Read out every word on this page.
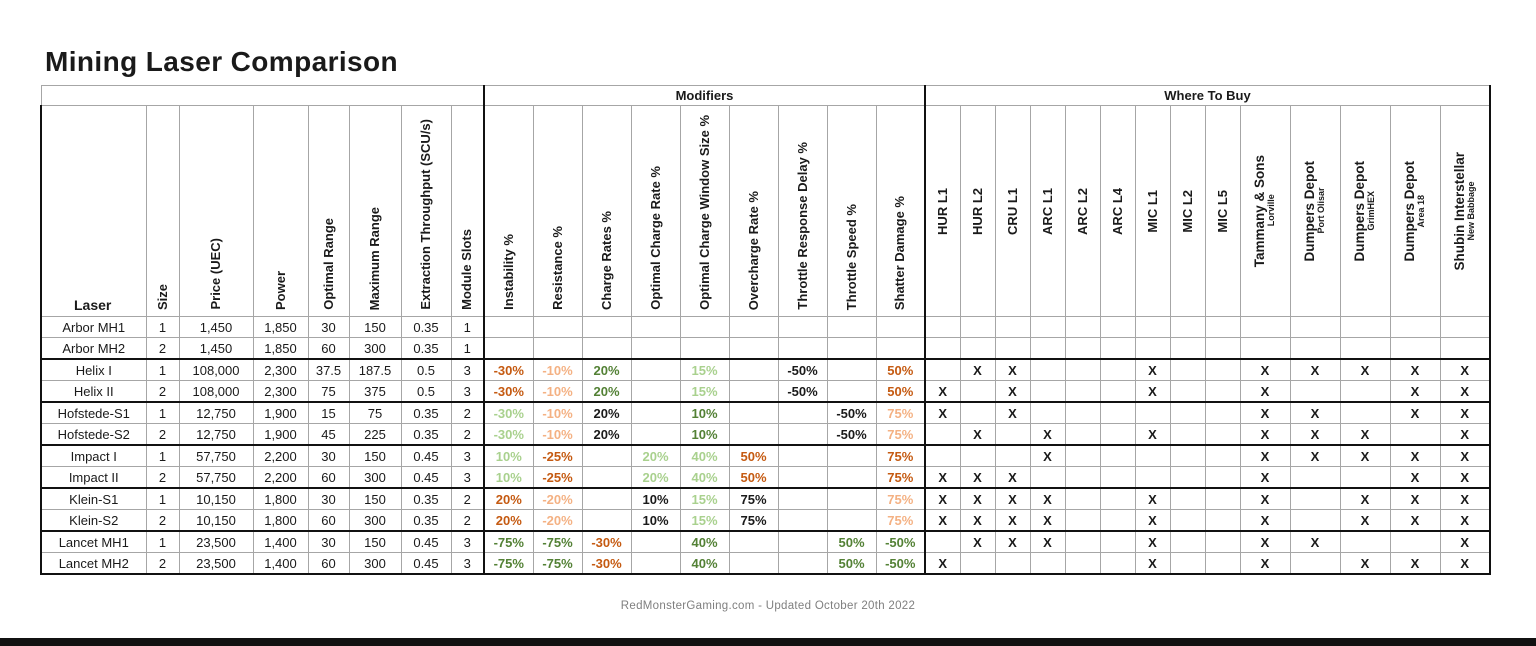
Mining Laser Comparison
								Modifiers									Where To Buy													

Laser	Size	Price (UEC)	Power	Optimal Range	Maximum Range	Extraction Throughput (SCU/s)	Module Slots	Instability %	Resistance %	Charge Rates %	Optimal Charge Rate %	Optimal Charge Window Size %	Overcharge Rate %	Throttle Response Delay %	Throttle Speed %	Shatter Damage %	HUR L1	HUR L2	CRU L1	ARC L1	ARC L2	ARC L4	MIC L1	MIC L2	MIC L5	Tammany & Sons Lorville	Dumpers Depot Port Olisar	Dumpers Depot GrimHEX	Dumpers Depot Area 18	Shubin Interstellar New Babbage

Arbor MH1	1	1,450	1,850	30	150	0.35	1																							
Arbor MH2	2	1,450	1,850	60	300	0.35	1																							
Helix I	1	108,000	2,300	37.5	187.5	0.5	3	-30%	-10%	20%		15%		-50%		50%		X	X				X			X	X	X	X	X
Helix II	2	108,000	2,300	75	375	0.5	3	-30%	-10%	20%		15%		-50%		50%	X		X				X			X			X	X
Hofstede-S1	1	12,750	1,900	15	75	0.35	2	-30%	-10%	20%		10%			-50%	75%	X		X							X	X		X	X
Hofstede-S2	2	12,750	1,900	45	225	0.35	2	-30%	-10%	20%		10%			-50%	75%		X		X			X			X	X	X		X
Impact I	1	57,750	2,200	30	150	0.45	3	10%	-25%		20%	40%	50%			75%				X						X	X	X	X	X
Impact II	2	57,750	2,200	60	300	0.45	3	10%	-25%		20%	40%	50%			75%	X	X	X							X			X	X
Klein-S1	1	10,150	1,800	30	150	0.35	2	20%	-20%		10%	15%	75%			75%	X	X	X	X			X			X		X	X	X
Klein-S2	2	10,150	1,800	60	300	0.35	2	20%	-20%		10%	15%	75%			75%	X	X	X	X			X			X		X	X	X
Lancet MH1	1	23,500	1,400	30	150	0.45	3	-75%	-75%	-30%		40%			50%	-50%		X	X	X			X			X	X			X
Lancet MH2	2	23,500	1,400	60	300	0.45	3	-75%	-75%	-30%		40%			50%	-50%	X						X			X		X	X	X
RedMonsterGaming.com - Updated October 20th 2022
